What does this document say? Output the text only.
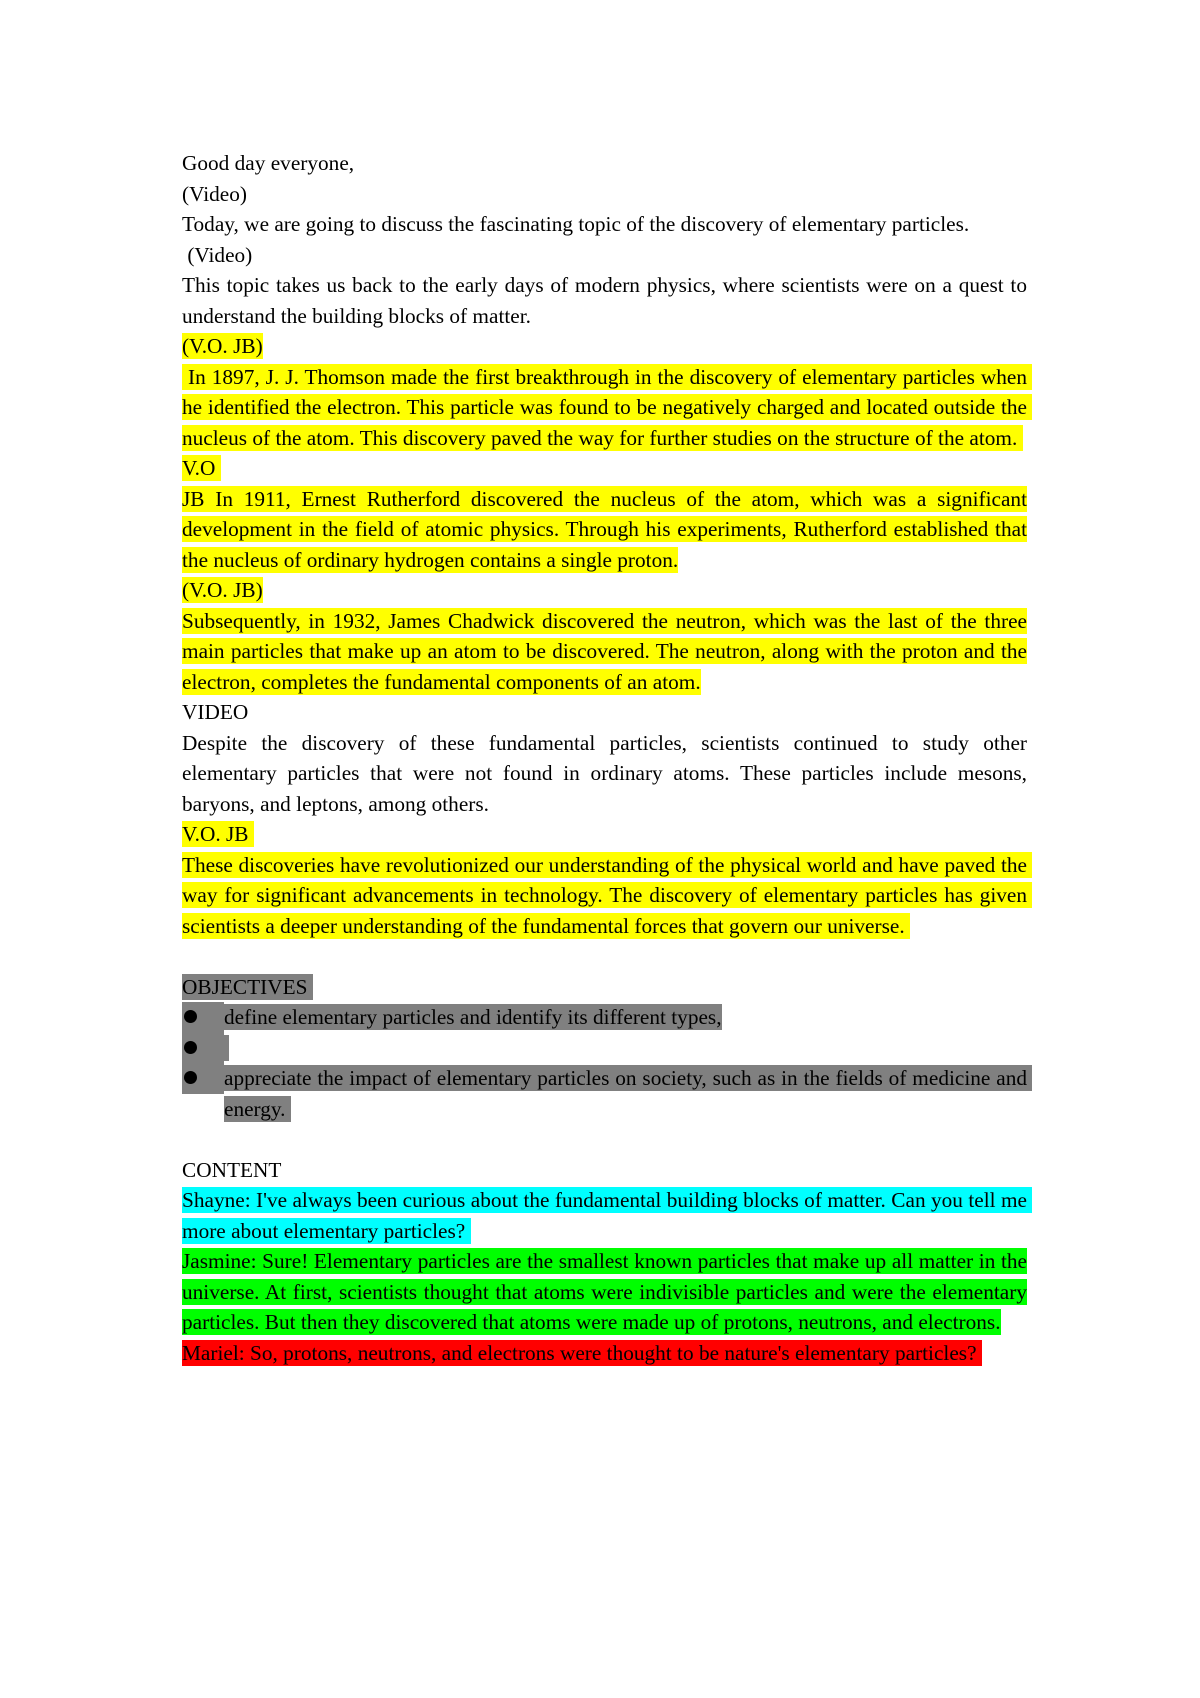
Good day everyone,

(Video)

Today, we are going to discuss the fascinating topic of the discovery of elementary particles.

(Video)

This topic takes us back to the early days of modern physics, where scientists were on a quest to understand the building blocks of matter.

(V.O. JB)

In 1897, J. J. Thomson made the first breakthrough in the discovery of elementary particles when he identified the electron. This particle was found to be negatively charged and located outside the nucleus of the atom. This discovery paved the way for further studies on the structure of the atom.

V.O

JB In 1911, Ernest Rutherford discovered the nucleus of the atom, which was a significant development in the field of atomic physics. Through his experiments, Rutherford established that the nucleus of ordinary hydrogen contains a single proton.

(V.O. JB)

Subsequently, in 1932, James Chadwick discovered the neutron, which was the last of the three main particles that make up an atom to be discovered. The neutron, along with the proton and the electron, completes the fundamental components of an atom.

VIDEO

Despite the discovery of these fundamental particles, scientists continued to study other elementary particles that were not found in ordinary atoms. These particles include mesons, baryons, and leptons, among others.

V.O. JB

These discoveries have revolutionized our understanding of the physical world and have paved the way for significant advancements in technology. The discovery of elementary particles has given scientists a deeper understanding of the fundamental forces that govern our universe.

OBJECTIVES

define elementary particles and identify its different types,

appreciate the impact of elementary particles on society, such as in the fields of medicine and energy.

CONTENT

Shayne: I've always been curious about the fundamental building blocks of matter. Can you tell me more about elementary particles?

Jasmine: Sure! Elementary particles are the smallest known particles that make up all matter in the universe. At first, scientists thought that atoms were indivisible particles and were the elementary particles. But then they discovered that atoms were made up of protons, neutrons, and electrons.

Mariel: So, protons, neutrons, and electrons were thought to be nature's elementary particles?
